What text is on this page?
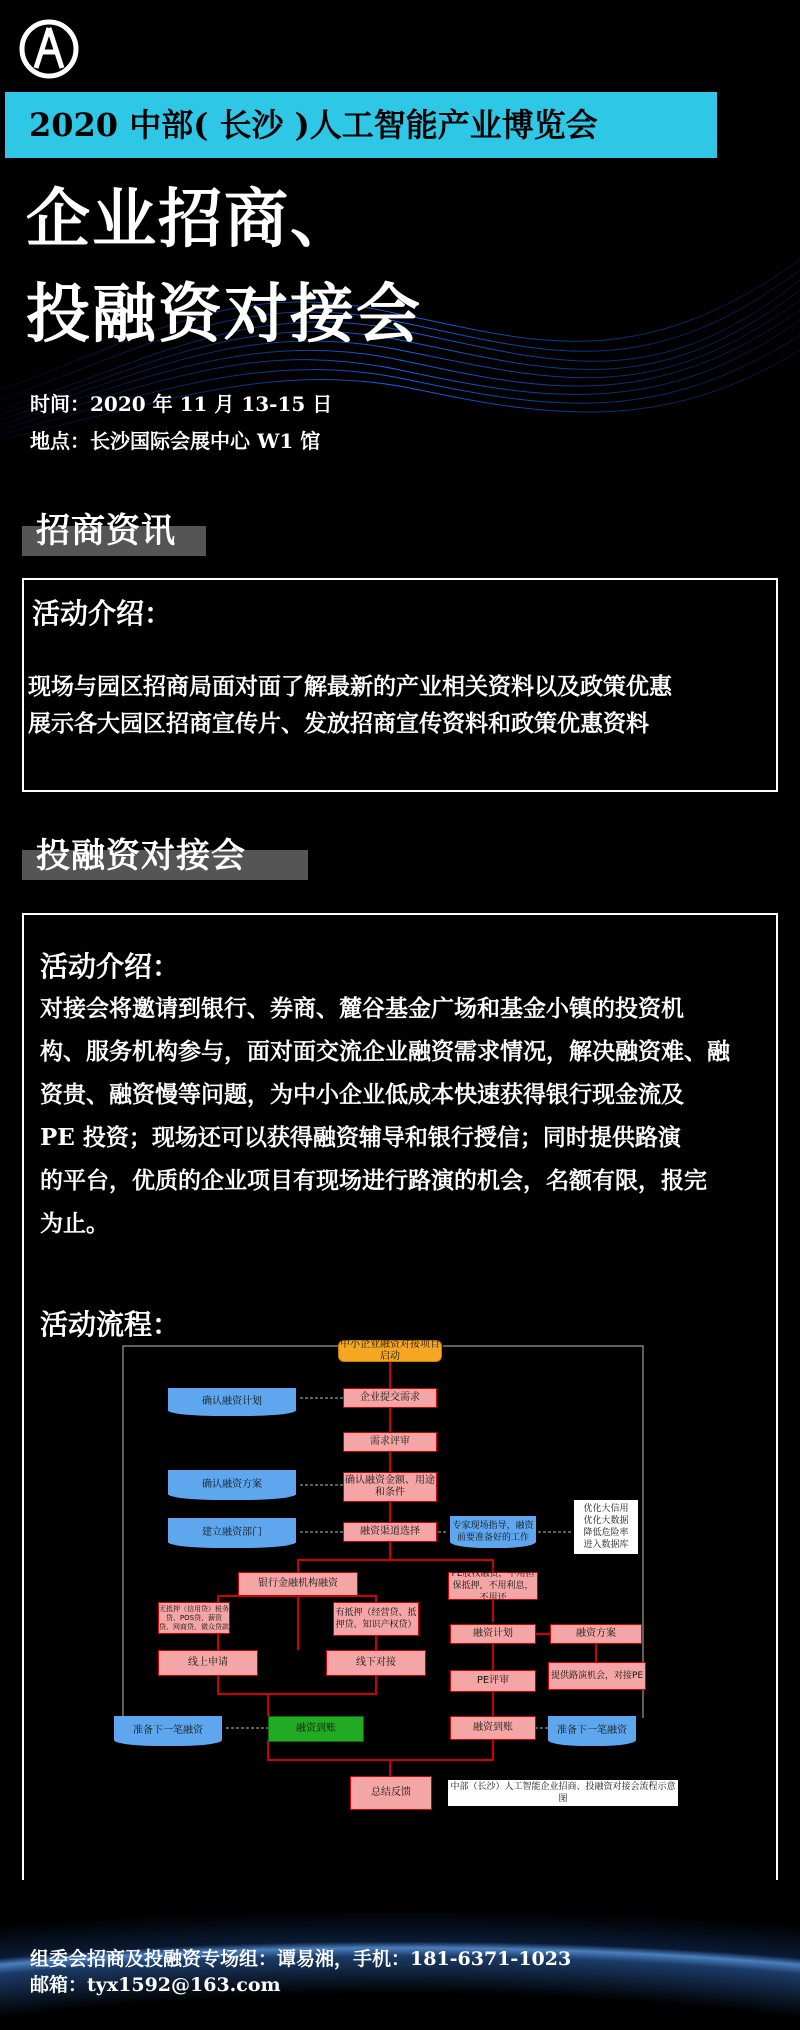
2020 中部( 长沙 )人工智能产业博览会
企业招商、
投融资对接会
时间：2020 年 11 月 13-15 日
地点：长沙国际会展中心 W1 馆
招商资讯
活动介绍：
现场与园区招商局面对面了解最新的产业相关资料以及政策优惠
展示各大园区招商宣传片、发放招商宣传资料和政策优惠资料
投融资对接会
活动介绍：
对接会将邀请到银行、券商、麓谷基金广场和基金小镇的投资机
构、服务机构参与，面对面交流企业融资需求情况，解决融资难、融
资贵、融资慢等问题，为中小企业低成本快速获得银行现金流及
PE 投资；现场还可以获得融资辅导和银行授信；同时提供路演
的平台，优质的企业项目有现场进行路演的机会，名额有限，报完
为止。
活动流程：
中小企业融资对接项目启动
企业提交需求
需求评审
确认融资金额、用途和条件
融资渠道选择
确认融资计划
确认融资方案
建立融资部门
专家现场指导，融资前要准备好的工作
优化大信用
优化大数据
降低危险率
进入数据库
银行金融机构融资
PE股权融资，不用担保抵押，不用利息，不用还
无抵押（信用贷）税务贷、POS贷、薪资贷、网商贷、微众贷款
有抵押（经营贷、抵押贷、知识产权贷）
融资计划	融资方案
线上申请	线下对接
PE评审	提供路演机会，对接PE
准备下一笔融资	融资到账	融资到账	准备下一笔融资
总结反馈	中部（长沙）人工智能企业招商、投融资对接会流程示意图
组委会招商及投融资专场组：谭易湘，手机：181-6371-1023
邮箱：tyx1592@163.com
